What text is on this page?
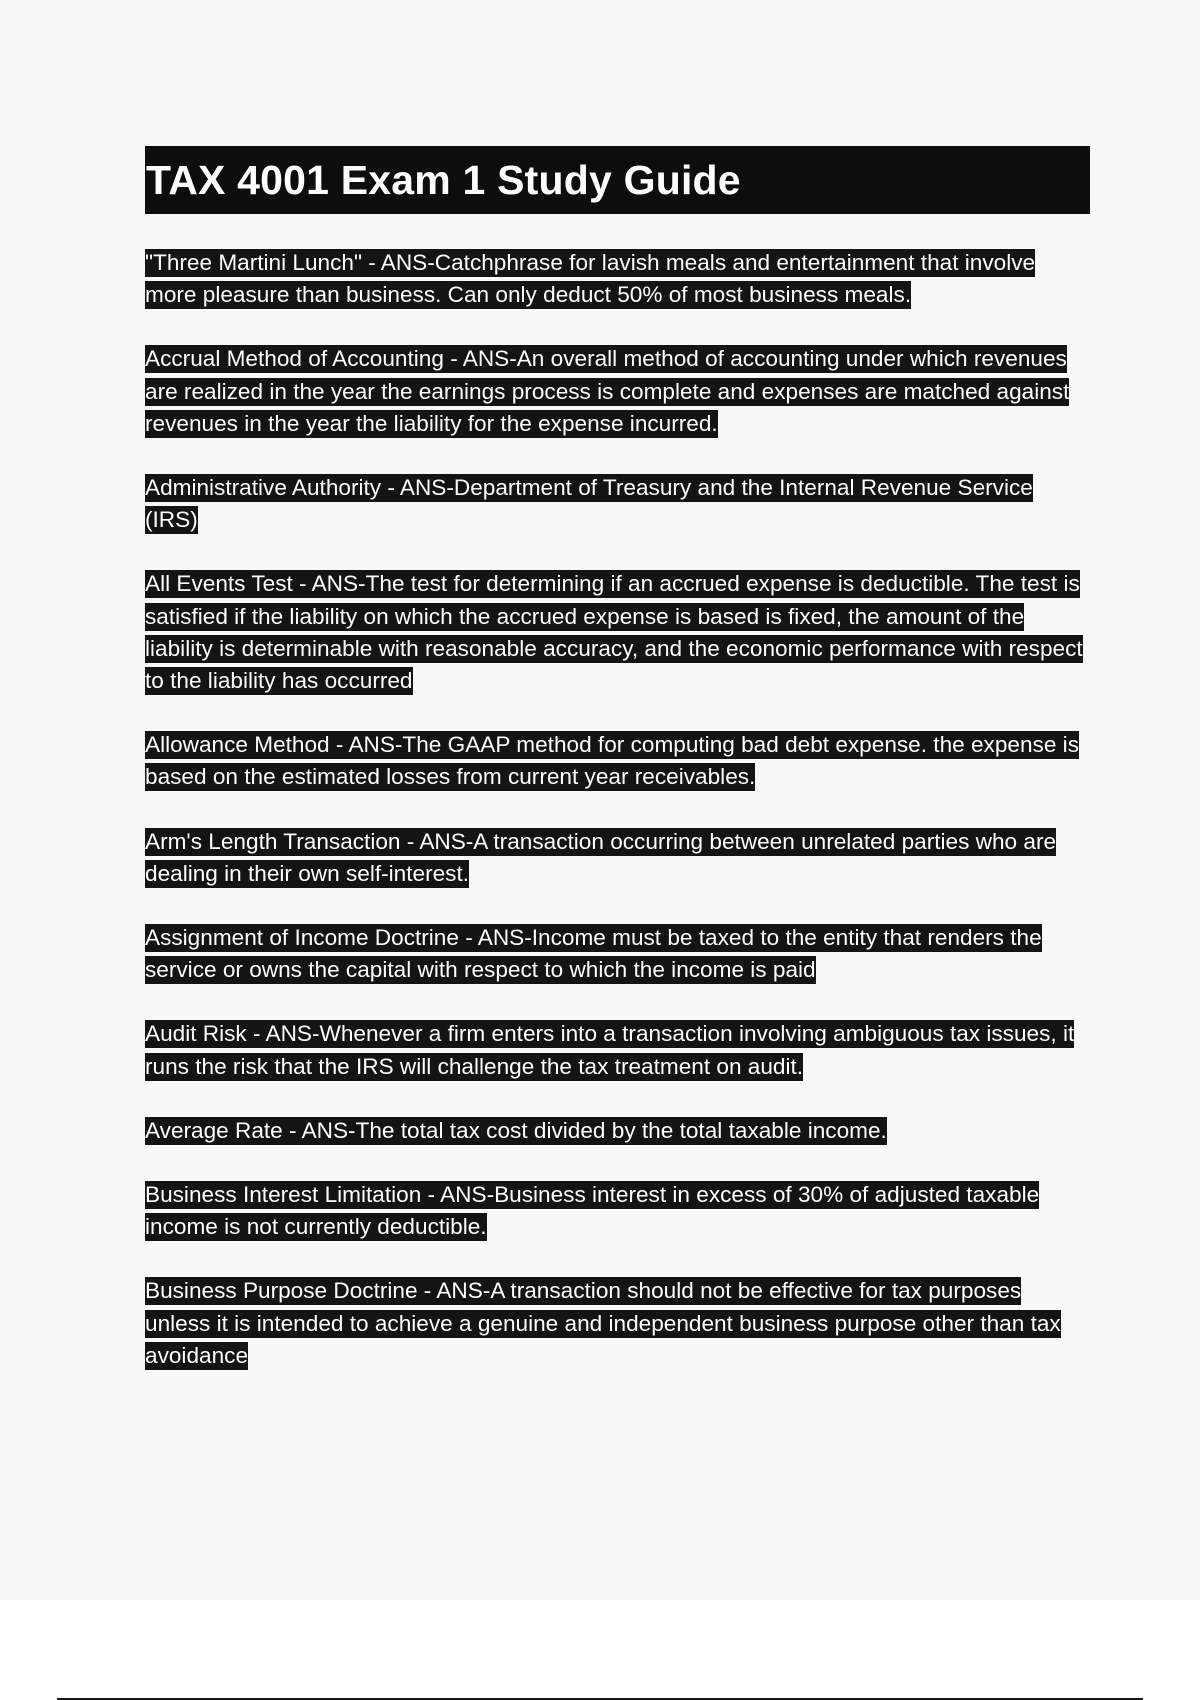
TAX 4001 Exam 1 Study Guide

"Three Martini Lunch" - ANS-Catchphrase for lavish meals and entertainment that involve more pleasure than business. Can only deduct 50% of most business meals.

Accrual Method of Accounting - ANS-An overall method of accounting under which revenues are realized in the year the earnings process is complete and expenses are matched against revenues in the year the liability for the expense incurred.

Administrative Authority - ANS-Department of Treasury and the Internal Revenue Service (IRS)

All Events Test - ANS-The test for determining if an accrued expense is deductible. The test is satisfied if the liability on which the accrued expense is based is fixed, the amount of the liability is determinable with reasonable accuracy, and the economic performance with respect to the liability has occurred

Allowance Method - ANS-The GAAP method for computing bad debt expense. the expense is based on the estimated losses from current year receivables.

Arm's Length Transaction - ANS-A transaction occurring between unrelated parties who are dealing in their own self-interest.

Assignment of Income Doctrine - ANS-Income must be taxed to the entity that renders the service or owns the capital with respect to which the income is paid

Audit Risk - ANS-Whenever a firm enters into a transaction involving ambiguous tax issues, it runs the risk that the IRS will challenge the tax treatment on audit.

Average Rate - ANS-The total tax cost divided by the total taxable income.

Business Interest Limitation - ANS-Business interest in excess of 30% of adjusted taxable income is not currently deductible.

Business Purpose Doctrine - ANS-A transaction should not be effective for tax purposes unless it is intended to achieve a genuine and independent business purpose other than tax avoidance
